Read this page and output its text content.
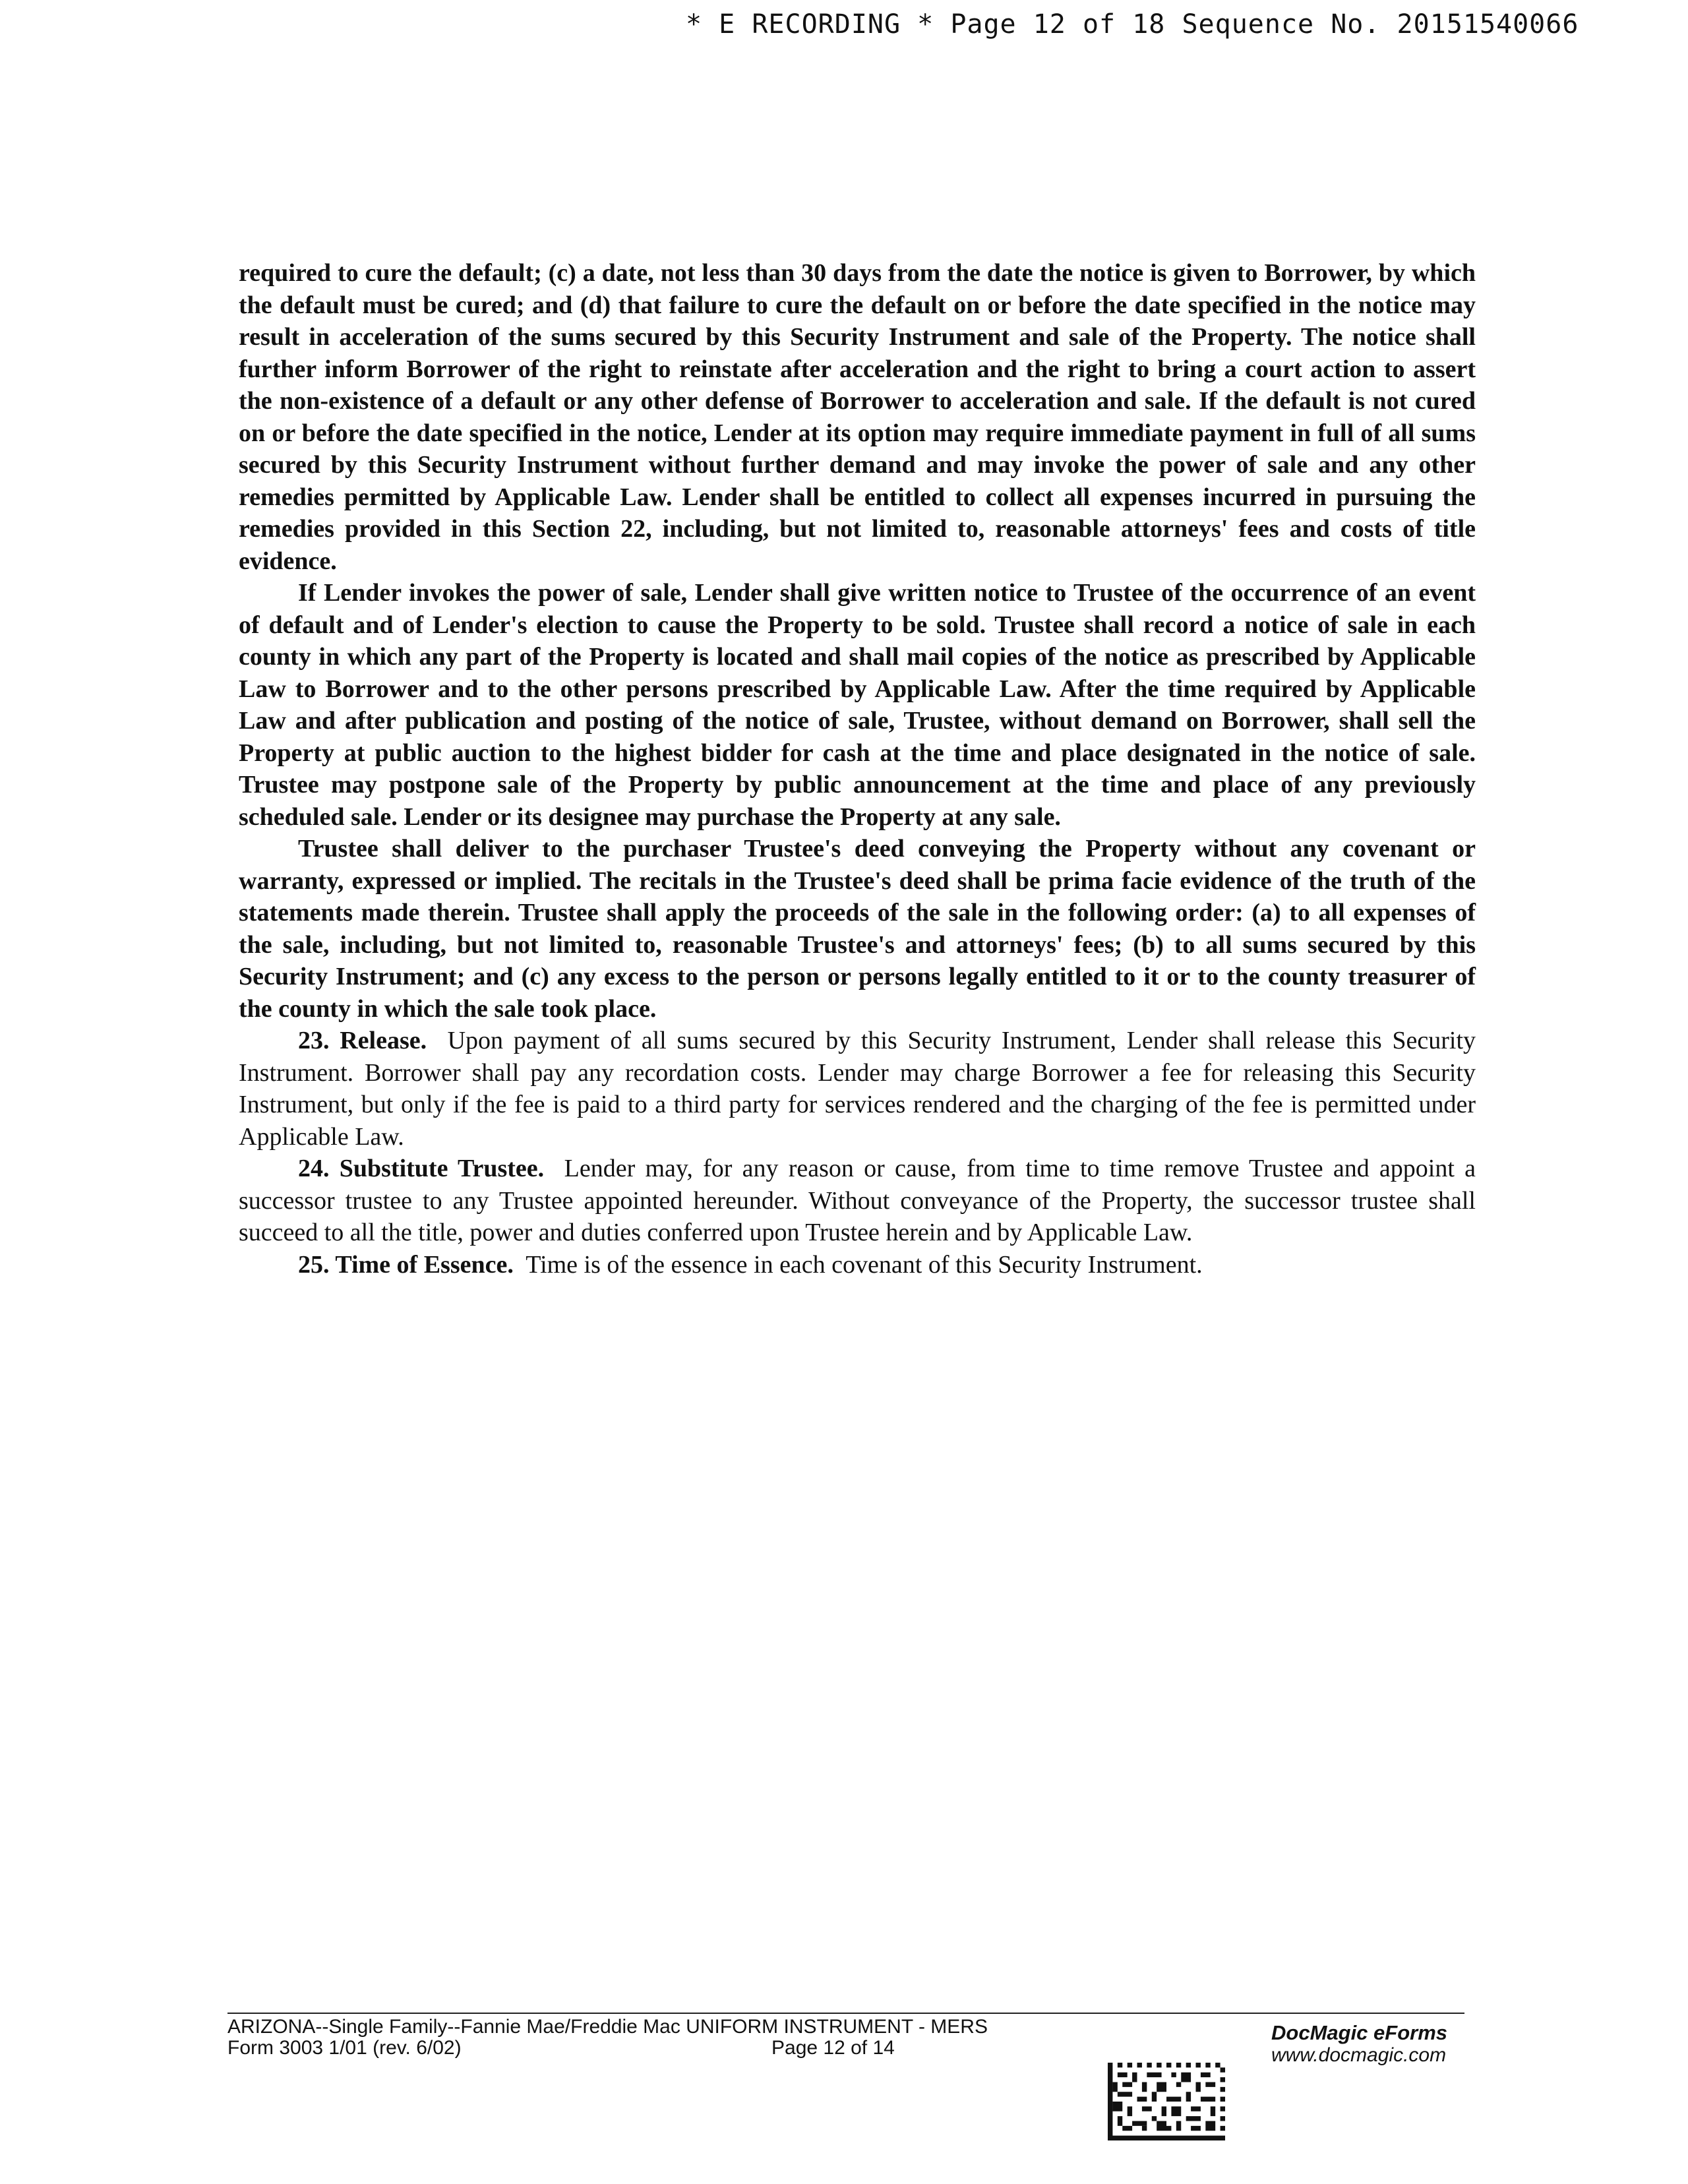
* E RECORDING * Page 12 of 18 Sequence No. 20151540066

required to cure the default; (c) a date, not less than 30 days from the date the notice is given to Borrower, by which the default must be cured; and (d) that failure to cure the default on or before the date specified in the notice may result in acceleration of the sums secured by this Security Instrument and sale of the Property. The notice shall further inform Borrower of the right to reinstate after acceleration and the right to bring a court action to assert the non-existence of a default or any other defense of Borrower to acceleration and sale. If the default is not cured on or before the date specified in the notice, Lender at its option may require immediate payment in full of all sums secured by this Security Instrument without further demand and may invoke the power of sale and any other remedies permitted by Applicable Law. Lender shall be entitled to collect all expenses incurred in pursuing the remedies provided in this Section 22, including, but not limited to, reasonable attorneys' fees and costs of title evidence.

If Lender invokes the power of sale, Lender shall give written notice to Trustee of the occurrence of an event of default and of Lender's election to cause the Property to be sold. Trustee shall record a notice of sale in each county in which any part of the Property is located and shall mail copies of the notice as prescribed by Applicable Law to Borrower and to the other persons prescribed by Applicable Law. After the time required by Applicable Law and after publication and posting of the notice of sale, Trustee, without demand on Borrower, shall sell the Property at public auction to the highest bidder for cash at the time and place designated in the notice of sale. Trustee may postpone sale of the Property by public announcement at the time and place of any previously scheduled sale. Lender or its designee may purchase the Property at any sale.

Trustee shall deliver to the purchaser Trustee's deed conveying the Property without any covenant or warranty, expressed or implied. The recitals in the Trustee's deed shall be prima facie evidence of the truth of the statements made therein. Trustee shall apply the proceeds of the sale in the following order: (a) to all expenses of the sale, including, but not limited to, reasonable Trustee's and attorneys' fees; (b) to all sums secured by this Security Instrument; and (c) any excess to the person or persons legally entitled to it or to the county treasurer of the county in which the sale took place.

23. Release. Upon payment of all sums secured by this Security Instrument, Lender shall release this Security Instrument. Borrower shall pay any recordation costs. Lender may charge Borrower a fee for releasing this Security Instrument, but only if the fee is paid to a third party for services rendered and the charging of the fee is permitted under Applicable Law.

24. Substitute Trustee. Lender may, for any reason or cause, from time to time remove Trustee and appoint a successor trustee to any Trustee appointed hereunder. Without conveyance of the Property, the successor trustee shall succeed to all the title, power and duties conferred upon Trustee herein and by Applicable Law.

25. Time of Essence. Time is of the essence in each covenant of this Security Instrument.

ARIZONA--Single Family--Fannie Mae/Freddie Mac UNIFORM INSTRUMENT - MERS
Form 3003 1/01 (rev. 6/02)	Page 12 of 14
DocMagic eForms
www.docmagic.com
